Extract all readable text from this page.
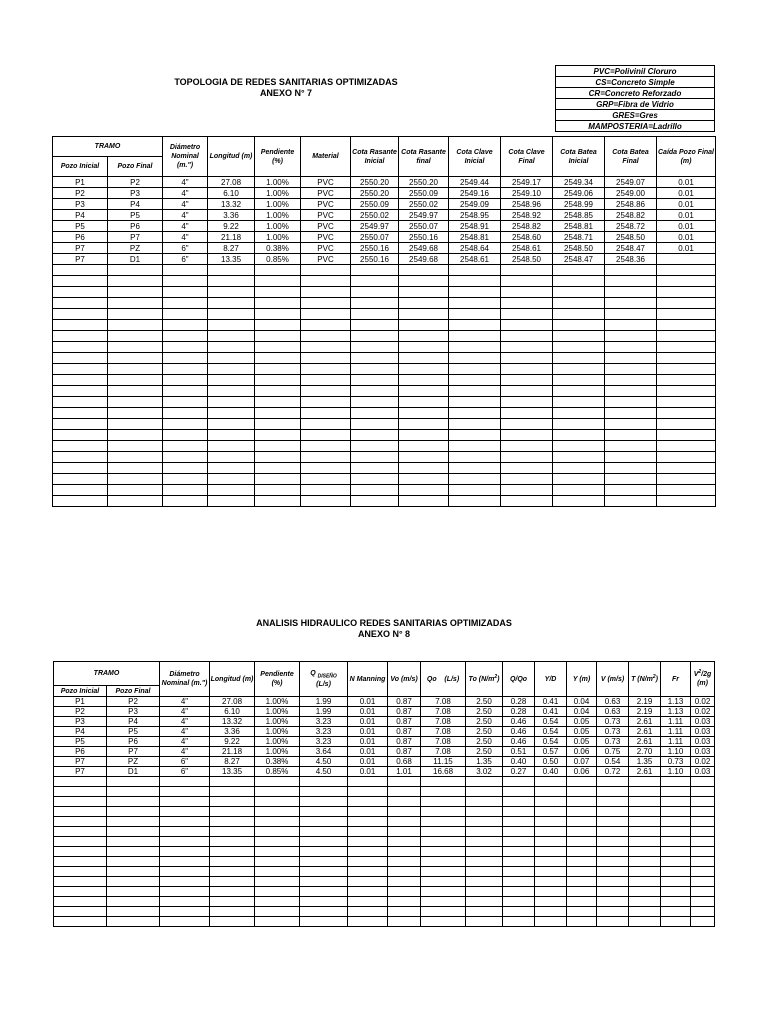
TOPOLOGIA DE REDES SANITARIAS OPTIMIZADAS
ANEXO N° 7
PVC=Polivinil Cloruro
CS=Concreto Simple
CR=Concreto Reforzado
GRP=Fibra de Vidrio
GRES=Gres
MAMPOSTERIA=Ladrillo
TRAMO		Diámetro Nominal (m.")	Longitud (m)	Pendiente (%)	Material	Cota Rasante Inicial	Cota Rasante final	Cota Clave Inicial	Cota Clave Final	Cota Batea Inicial	Cota Batea Final	Caída Pozo Final (m)
Pozo Inicial	Pozo Final											
P1	P2	4"	27.08	1.00%	PVC	2550.20	2550.20	2549.44	2549.17	2549.34	2549.07	0.01
P2	P3	4"	6.10	1.00%	PVC	2550.20	2550.09	2549.16	2549.10	2549.06	2549.00	0.01
P3	P4	4"	13.32	1.00%	PVC	2550.09	2550.02	2549.09	2548.96	2548.99	2548.86	0.01
P4	P5	4"	3.36	1.00%	PVC	2550.02	2549.97	2548.95	2548.92	2548.85	2548.82	0.01
P5	P6	4"	9.22	1.00%	PVC	2549.97	2550.07	2548.91	2548.82	2548.81	2548.72	0.01
P6	P7	4"	21.18	1.00%	PVC	2550.07	2550.16	2548.81	2548.60	2548.71	2548.50	0.01
P7	PZ	6"	8.27	0.38%	PVC	2550.16	2549.68	2548.64	2548.61	2548.50	2548.47	0.01
P7	D1	6"	13.35	0.85%	PVC	2550.16	2549.68	2548.61	2548.50	2548.47	2548.36	

ANALISIS HIDRAULICO REDES SANITARIAS OPTIMIZADAS
ANEXO N° 8
TRAMO		Diámetro Nominal (m.")	Longitud (m)	Pendiente (%)	Q $_{DISEÑO}$
(L/s)	N Manning	Vo (m/s)	Qo    (L/s)	To $(N/m^2)$	Q/Qo	Y/D	Y (m)	V (m/s)	T $(N/m^2)$	Fr	$V^2/2g$ (m)
Pozo Inicial	Pozo Final															
P1	P2	4"	27.08	1.00%	1.99	0.01	0.87	7.08	2.50	0.28	0.41	0.04	0.63	2.19	1.13	0.02
P2	P3	4"	6.10	1.00%	1.99	0.01	0.87	7.08	2.50	0.28	0.41	0.04	0.63	2.19	1.13	0.02
P3	P4	4"	13.32	1.00%	3.23	0.01	0.87	7.08	2.50	0.46	0.54	0.05	0.73	2.61	1.11	0.03
P4	P5	4"	3.36	1.00%	3.23	0.01	0.87	7.08	2.50	0.46	0.54	0.05	0.73	2.61	1.11	0.03
P5	P6	4"	9.22	1.00%	3.23	0.01	0.87	7.08	2.50	0.46	0.54	0.05	0.73	2.61	1.11	0.03
P6	P7	4"	21.18	1.00%	3.64	0.01	0.87	7.08	2.50	0.51	0.57	0.06	0.75	2.70	1.10	0.03
P7	PZ	6"	8.27	0.38%	4.50	0.01	0.68	11.15	1.35	0.40	0.50	0.07	0.54	1.35	0.73	0.02
P7	D1	6"	13.35	0.85%	4.50	0.01	1.01	16.68	3.02	0.27	0.40	0.06	0.72	2.61	1.10	0.03
